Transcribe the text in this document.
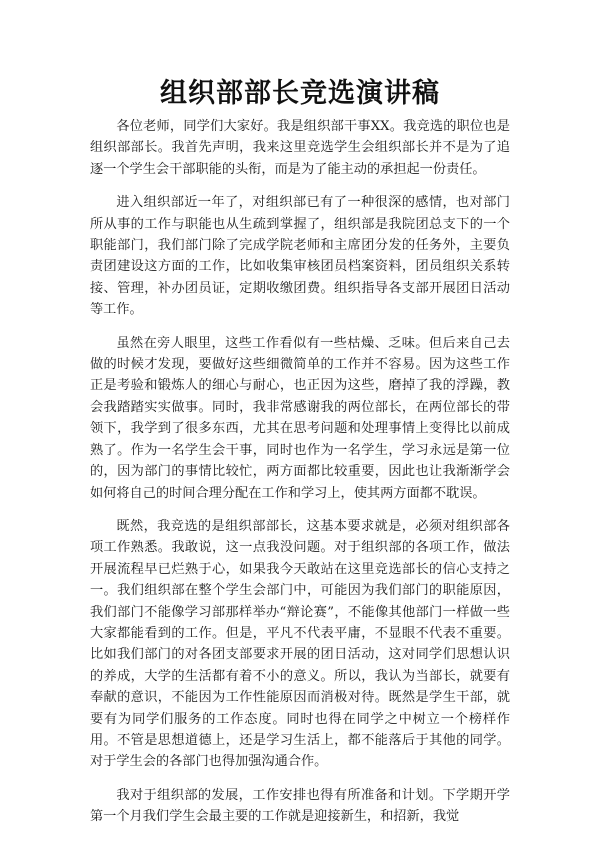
组织部部长竞选演讲稿

各位老师，同学们大家好。我是组织部干事XX。我竞选的职位也是组织部部长。我首先声明，我来这里竞选学生会组织部长并不是为了追逐一个学生会干部职能的头衔，而是为了能主动的承担起一份责任。

进入组织部近一年了，对组织部已有了一种很深的感情，也对部门所从事的工作与职能也从生疏到掌握了，组织部是我院团总支下的一个职能部门，我们部门除了完成学院老师和主席团分发的任务外，主要负责团建设这方面的工作，比如收集审核团员档案资料，团员组织关系转接、管理，补办团员证，定期收缴团费。组织指导各支部开展团日活动等工作。

虽然在旁人眼里，这些工作看似有一些枯燥、乏味。但后来自己去做的时候才发现，要做好这些细微简单的工作并不容易。因为这些工作正是考验和锻炼人的细心与耐心，也正因为这些，磨掉了我的浮躁，教会我踏踏实实做事。同时，我非常感谢我的两位部长，在两位部长的带领下，我学到了很多东西，尤其在思考问题和处理事情上变得比以前成熟了。作为一名学生会干事，同时也作为一名学生，学习永远是第一位的，因为部门的事情比较忙，两方面都比较重要，因此也让我渐渐学会如何将自己的时间合理分配在工作和学习上，使其两方面都不耽误。

既然，我竞选的是组织部部长，这基本要求就是，必须对组织部各项工作熟悉。我敢说，这一点我没问题。对于组织部的各项工作，做法开展流程早已烂熟于心，如果我今天敢站在这里竞选部长的信心支持之一。我们组织部在整个学生会部门中，可能因为我们部门的职能原因，我们部门不能像学习部那样举办“辩论赛”，不能像其他部门一样做一些大家都能看到的工作。但是，平凡不代表平庸，不显眼不代表不重要。比如我们部门的对各团支部要求开展的团日活动，这对同学们思想认识的养成，大学的生活都有着不小的意义。所以，我认为当部长，就要有奉献的意识，不能因为工作性能原因而消极对待。既然是学生干部，就要有为同学们服务的工作态度。同时也得在同学之中树立一个榜样作用。不管是思想道德上，还是学习生活上，都不能落后于其他的同学。对于学生会的各部门也得加强沟通合作。

我对于组织部的发展，工作安排也得有所准备和计划。下学期开学第一个月我们学生会最主要的工作就是迎接新生，和招新，我觉
